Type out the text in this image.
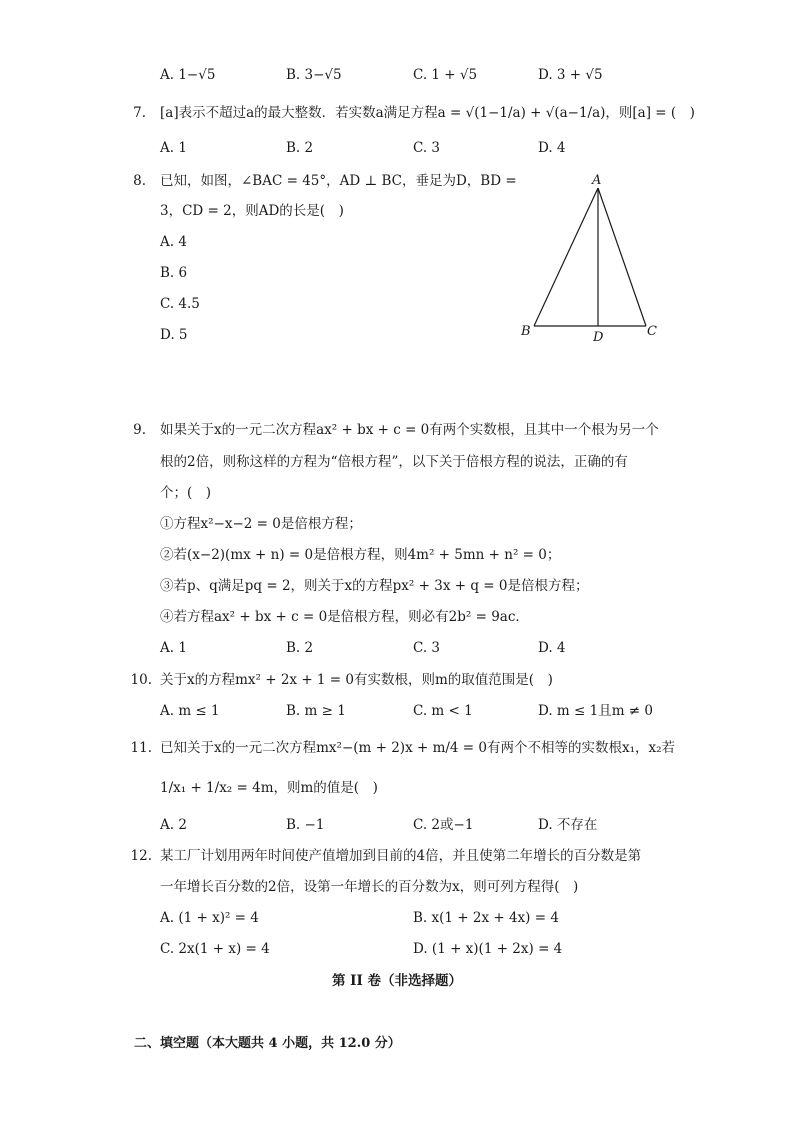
A. 1−√5	B. 3−√5	C. 1 + √5	D. 3 + √5
7. [a]表示不超过a的最大整数．若实数a满足方程a = √(1−1/a) + √(a−1/a)，则[a] = (　)
A. 1	B. 2	C. 3	D. 4
8. 已知，如图，∠BAC = 45°，AD ⊥ BC，垂足为D，BD =
3，CD = 2，则AD的长是(　)
A. 4
B. 6
C. 4.5
D. 5
A
B	C
D
9. 如果关于x的一元二次方程ax² + bx + c = 0有两个实数根，且其中一个根为另一个
根的2倍，则称这样的方程为“倍根方程”，以下关于倍根方程的说法，正确的有
个；(　)
①方程x²−x−2 = 0是倍根方程；
②若(x−2)(mx + n) = 0是倍根方程，则4m² + 5mn + n² = 0；
③若p、q满足pq = 2，则关于x的方程px² + 3x + q = 0是倍根方程；
④若方程ax² + bx + c = 0是倍根方程，则必有2b² = 9ac．
A. 1	B. 2	C. 3	D. 4
10. 关于x的方程mx² + 2x + 1 = 0有实数根，则m的取值范围是(　)
A. m ≤ 1	B. m ≥ 1	C. m < 1	D. m ≤ 1且m ≠ 0
11. 已知关于x的一元二次方程mx²−(m + 2)x + m/4 = 0有两个不相等的实数根x₁，x₂若
1/x₁ + 1/x₂ = 4m，则m的值是(　)
A. 2	B. −1	C. 2或−1	D. 不存在
12. 某工厂计划用两年时间使产值增加到目前的4倍，并且使第二年增长的百分数是第
一年增长百分数的2倍，设第一年增长的百分数为x，则可列方程得(　)
A. (1 + x)² = 4	B. x(1 + 2x + 4x) = 4
C. 2x(1 + x) = 4	D. (1 + x)(1 + 2x) = 4
第 II 卷（非选择题）
二、填空题（本大题共 4 小题，共 12.0 分）
